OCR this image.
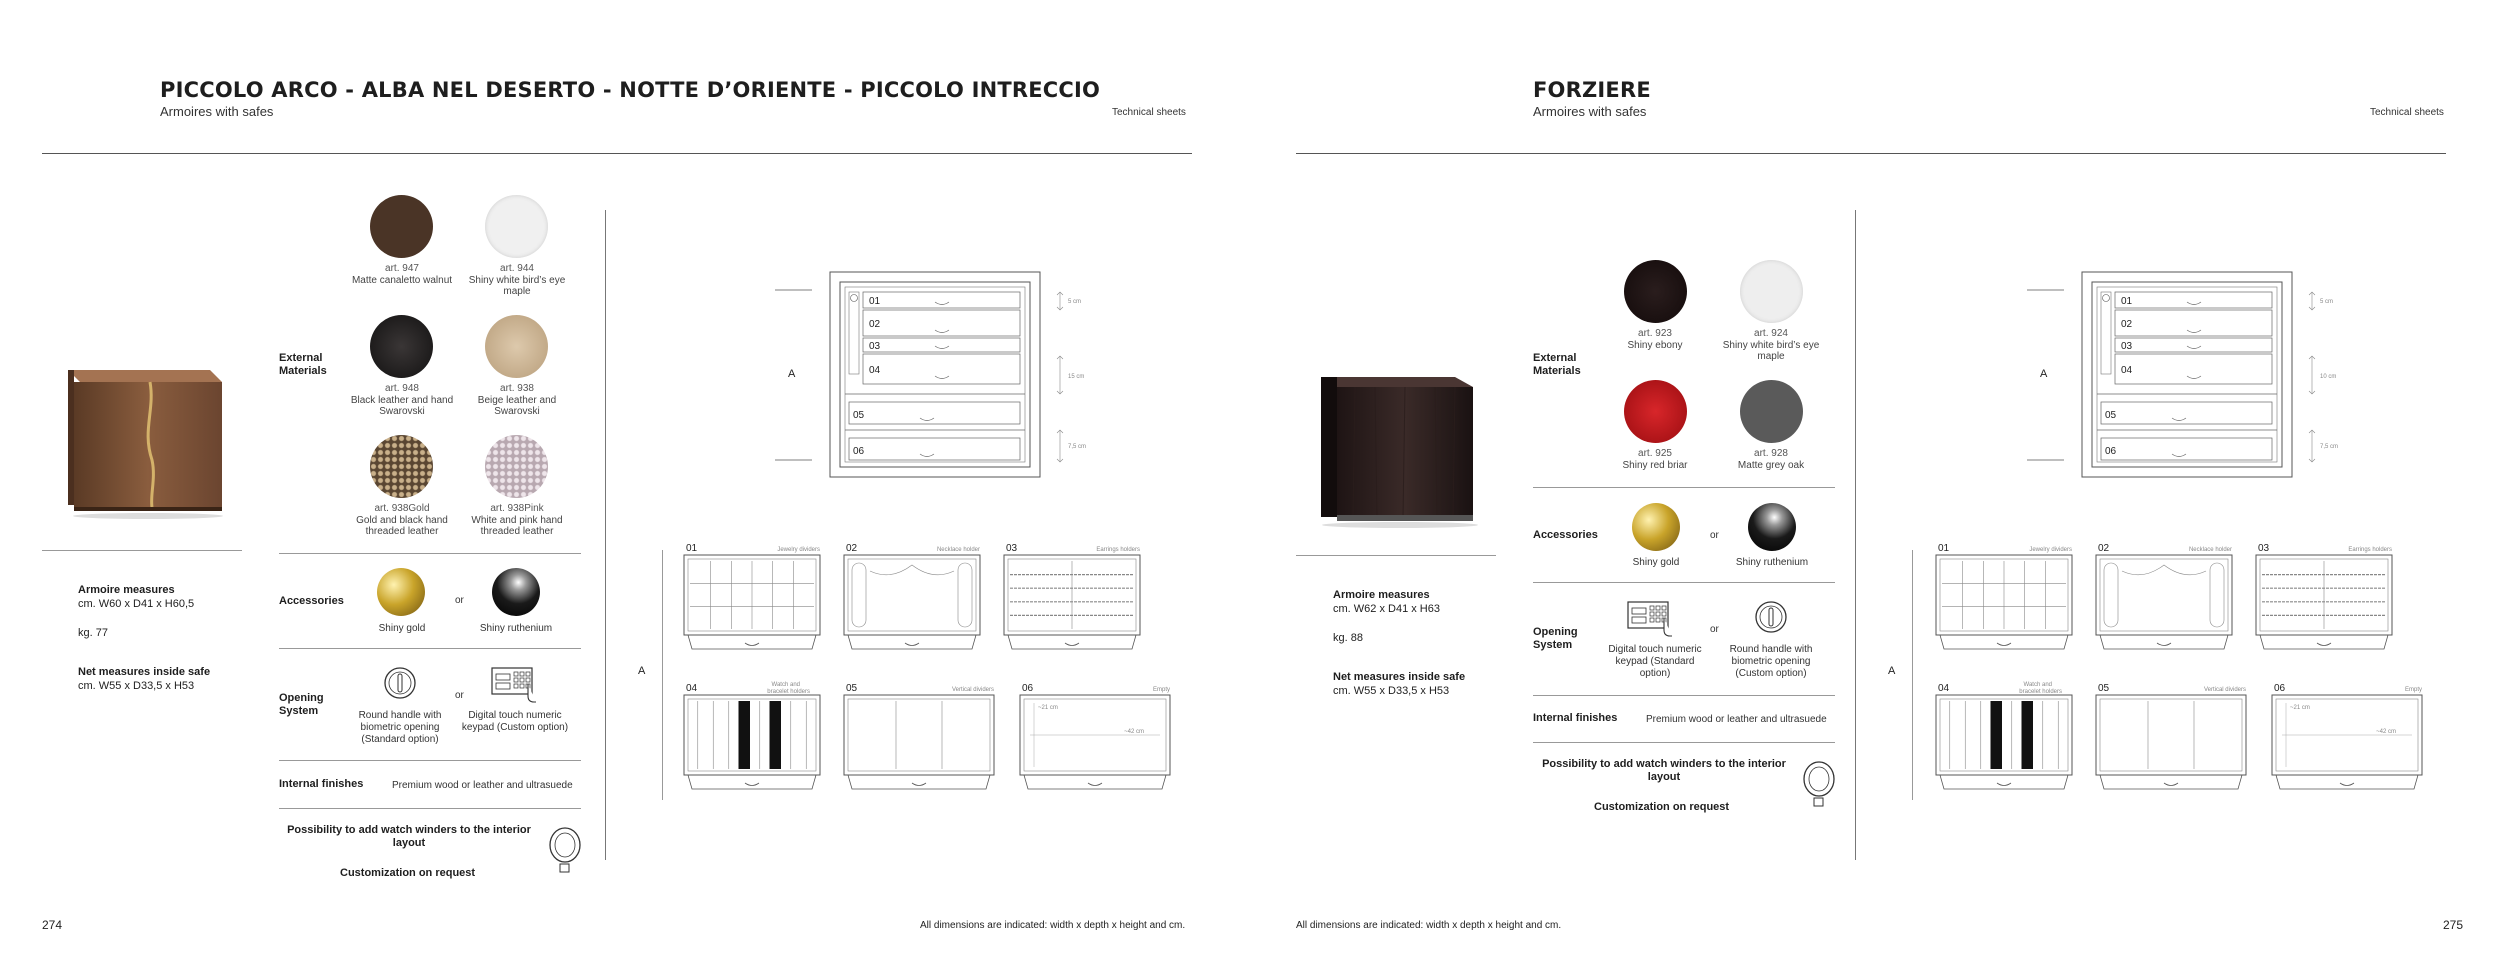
PICCOLO ARCO - ALBA NEL DESERTO - NOTTE D’ORIENTE - PICCOLO INTRECCIO
Armoires with safes	Technical sheets
Armoire measures
cm. W60 x D41 x H60,5
kg. 77
Net measures inside safe
cm. W55 x D33,5 x H53
External Materials
art. 947
Matte canaletto walnut
art. 944
Shiny white bird’s eye maple
art. 948
Black leather and hand Swarovski
art. 938
Beige leather and Swarovski
art. 938Gold
Gold and black hand threaded leather
art. 938Pink
White and pink hand threaded leather
Accessories
Shiny gold
or
Shiny ruthenium
Opening System	Round handle with biometric opening (Standard option)
or
Digital touch numeric keypad (Custom option)
Internal finishes	Premium wood or leather and ultrasuede
Possibility to add watch winders to the interior layout
Customization on request
A
01
02
03
04
05
06
5 cm
15 cm
7,5 cm
A
01	Jewelry dividers	02	Necklace holder	03	Earrings holders
04	Watch and
bracelet holders	05	Vertical dividers	06	Empty
~42 cm
~21 cm
274	All dimensions are indicated: width x depth x height and cm.
FORZIERE
Armoires with safes	Technical sheets
Armoire measures
cm. W62 x D41 x H63
kg. 88
Net measures inside safe
cm. W55 x D33,5 x H53
External Materials
art. 923
Shiny ebony
art. 924
Shiny white bird’s eye maple
art. 925
Shiny red briar
art. 928
Matte grey oak
Accessories
Shiny gold
or
Shiny ruthenium
Opening System	Digital touch numeric keypad (Standard option)
or
Round handle with biometric opening (Custom option)
Internal finishes	Premium wood or leather and ultrasuede
Possibility to add watch winders to the interior layout
Customization on request
A
01
02
03
04
05
06
5 cm
10 cm
7,5 cm
A
01	Jewelry dividers	02	Necklace holder	03	Earrings holders
04	Watch and
bracelet holders	05	Vertical dividers	06	Empty
~42 cm
~21 cm
275
All dimensions are indicated: width x depth x height and cm.
